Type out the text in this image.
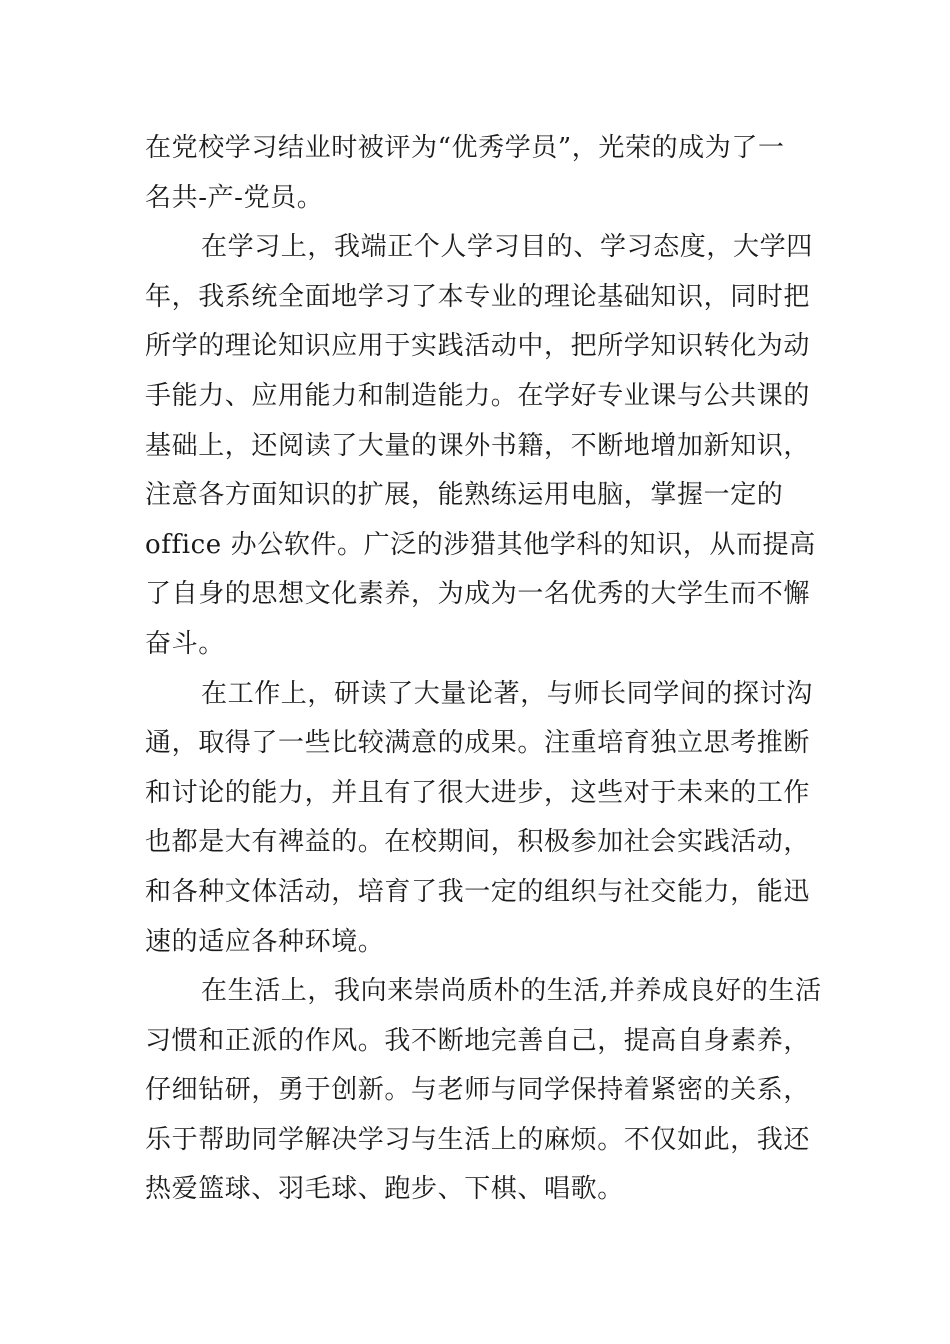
在党校学习结业时被评为“优秀学员”，光荣的成为了一
名共-产-党员。

在学习上，我端正个人学习目的、学习态度，大学四
年，我系统全面地学习了本专业的理论基础知识，同时把
所学的理论知识应用于实践活动中，把所学知识转化为动
手能力、应用能力和制造能力。在学好专业课与公共课的
基础上，还阅读了大量的课外书籍，不断地增加新知识，
注意各方面知识的扩展，能熟练运用电脑，掌握一定的
office 办公软件。广泛的涉猎其他学科的知识，从而提高
了自身的思想文化素养，为成为一名优秀的大学生而不懈
奋斗。

在工作上，研读了大量论著，与师长同学间的探讨沟
通，取得了一些比较满意的成果。注重培育独立思考推断
和讨论的能力，并且有了很大进步，这些对于未来的工作
也都是大有裨益的。在校期间，积极参加社会实践活动，
和各种文体活动，培育了我一定的组织与社交能力，能迅
速的适应各种环境。

在生活上，我向来崇尚质朴的生活,并养成良好的生活
习惯和正派的作风。我不断地完善自己，提高自身素养，
仔细钻研，勇于创新。与老师与同学保持着紧密的关系，
乐于帮助同学解决学习与生活上的麻烦。不仅如此，我还
热爱篮球、羽毛球、跑步、下棋、唱歌。
